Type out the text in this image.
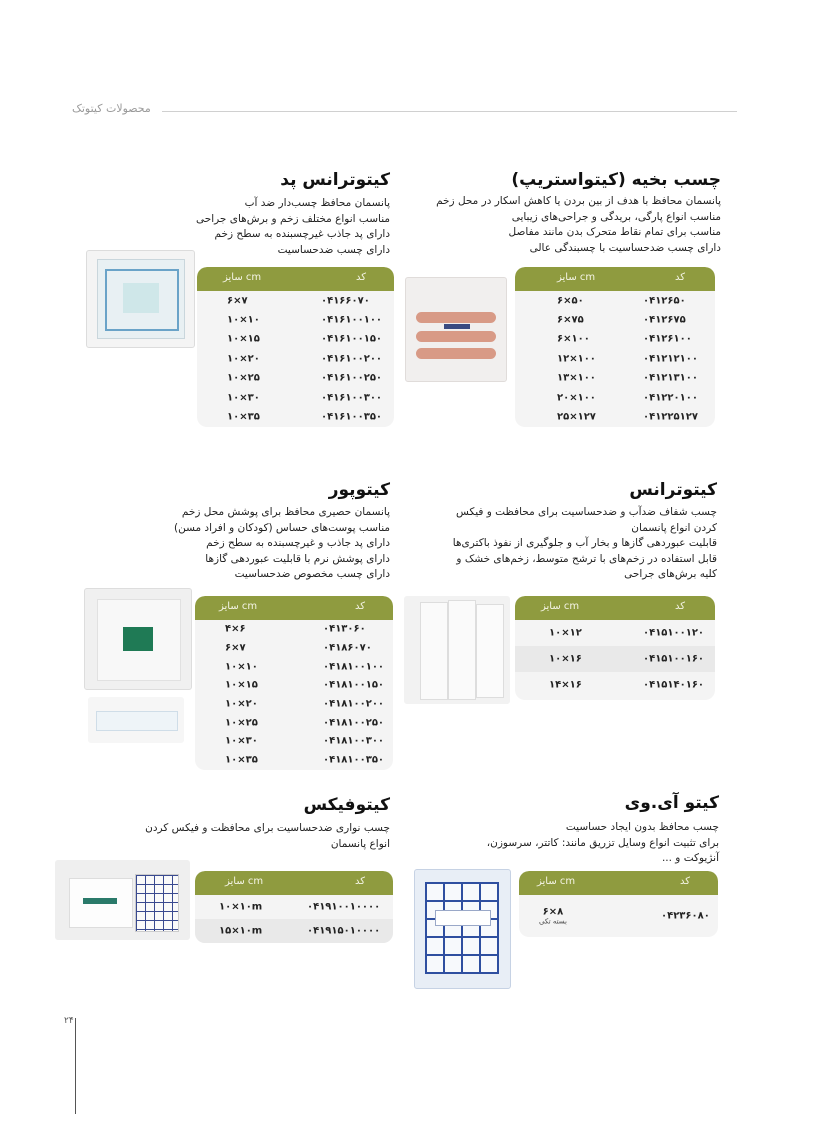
محصولات کیتوتک
چسب بخیه (کیتواستریپ)
پانسمان محافظ با هدف از بین بردن یا کاهش اسکار در محل زخم
مناسب انواع پارگی، بریدگی و جراحی‌های زیبایی
مناسب برای تمام نقاط متحرک بدن مانند مفاصل
دارای چسب ضدحساسیت با چسبندگی عالی
کد
سایز cm
۰۴۱۲۶۵۰
۶×۵۰
۰۴۱۲۶۷۵
۶×۷۵
۰۴۱۲۶۱۰۰
۶×۱۰۰
۰۴۱۲۱۲۱۰۰
۱۲×۱۰۰
۰۴۱۲۱۳۱۰۰
۱۳×۱۰۰
۰۴۱۲۲۰۱۰۰
۲۰×۱۰۰
۰۴۱۲۲۵۱۲۷
۲۵×۱۲۷
کیتوترانس پد
پانسمان محافظ چسب‌دار ضد آب
مناسب انواع مختلف زخم و برش‌های جراحی
دارای پد جاذب غیرچسبنده به سطح زخم
دارای چسب ضدحساسیت
کد
سایز cm
۰۴۱۶۶۰۷۰
۶×۷
۰۴۱۶۱۰۰۱۰۰
۱۰×۱۰
۰۴۱۶۱۰۰۱۵۰
۱۰×۱۵
۰۴۱۶۱۰۰۲۰۰
۱۰×۲۰
۰۴۱۶۱۰۰۲۵۰
۱۰×۲۵
۰۴۱۶۱۰۰۳۰۰
۱۰×۳۰
۰۴۱۶۱۰۰۳۵۰
۱۰×۳۵
کیتوترانس
چسب شفاف ضدآب و ضدحساسیت برای محافظت و فیکس
کردن انواع پانسمان
قابلیت عبوردهی گازها و بخار آب و جلوگیری از نفوذ باکتری‌ها
قابل استفاده در زخم‌های با ترشح متوسط، زخم‌های خشک و
کلیه برش‌های جراحی
کد
سایز cm
۰۴۱۵۱۰۰۱۲۰
۱۰×۱۲
۰۴۱۵۱۰۰۱۶۰
۱۰×۱۶
۰۴۱۵۱۴۰۱۶۰
۱۴×۱۶
کیتوپور
پانسمان حصیری محافظ برای پوشش محل زخم
مناسب پوست‌های حساس (کودکان و افراد مسن)
دارای پد جاذب و غیرچسبنده به سطح زخم
دارای پوشش نرم با قابلیت عبوردهی گازها
دارای چسب مخصوص ضدحساسیت
کد
سایز cm
۰۴۱۳۰۶۰
۴×۶
۰۴۱۸۶۰۷۰
۶×۷
۰۴۱۸۱۰۰۱۰۰
۱۰×۱۰
۰۴۱۸۱۰۰۱۵۰
۱۰×۱۵
۰۴۱۸۱۰۰۲۰۰
۱۰×۲۰
۰۴۱۸۱۰۰۲۵۰
۱۰×۲۵
۰۴۱۸۱۰۰۳۰۰
۱۰×۳۰
۰۴۱۸۱۰۰۳۵۰
۱۰×۳۵
کیتو آی.وی
چسب محافظ بدون ایجاد حساسیت
برای تثبیت انواع وسایل تزریق مانند: کاتتر، سرسوزن،
آنژیوکت و ...
کد
سایز cm
۰۴۲۳۶۰۸۰
۶×۸
بسته تکی
کیتوفیکس
چسب نواری ضدحساسیت برای محافظت و فیکس کردن
انواع پانسمان
کد
سایز cm
۰۴۱۹۱۰۰۱۰۰۰۰
۱۰×۱۰m
۰۴۱۹۱۵۰۱۰۰۰۰
۱۵×۱۰m
۲۴
